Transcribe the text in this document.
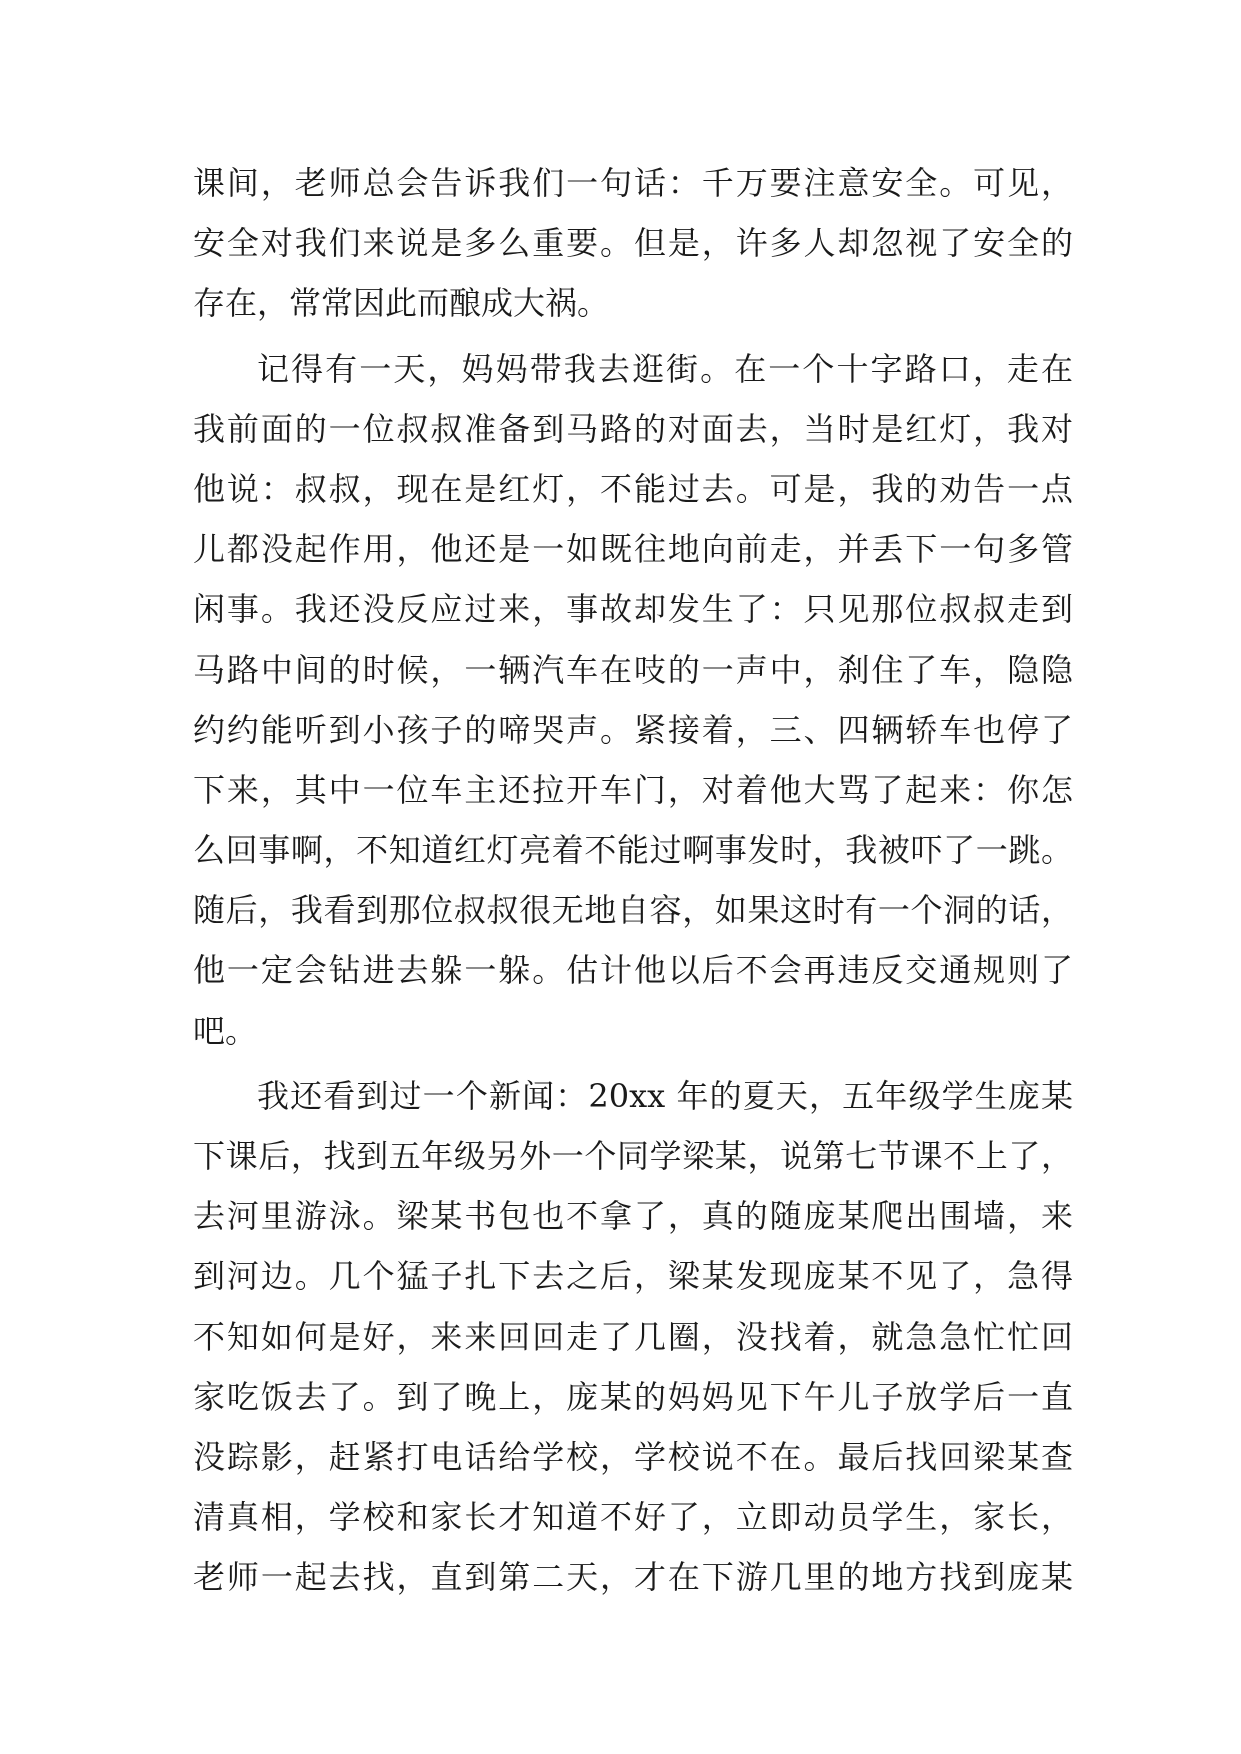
课间，老师总会告诉我们一句话：千万要注意安全。可见，
安全对我们来说是多么重要。但是，许多人却忽视了安全的
存在，常常因此而酿成大祸。
记得有一天，妈妈带我去逛街。在一个十字路口，走在
我前面的一位叔叔准备到马路的对面去，当时是红灯，我对
他说：叔叔，现在是红灯，不能过去。可是，我的劝告一点
儿都没起作用，他还是一如既往地向前走，并丢下一句多管
闲事。我还没反应过来，事故却发生了：只见那位叔叔走到
马路中间的时候，一辆汽车在吱的一声中，刹住了车，隐隐
约约能听到小孩子的啼哭声。紧接着，三、四辆轿车也停了
下来，其中一位车主还拉开车门，对着他大骂了起来：你怎
么回事啊，不知道红灯亮着不能过啊事发时，我被吓了一跳。
随后，我看到那位叔叔很无地自容，如果这时有一个洞的话，
他一定会钻进去躲一躲。估计他以后不会再违反交通规则了
吧。
我还看到过一个新闻：20xx 年的夏天，五年级学生庞某
下课后，找到五年级另外一个同学梁某，说第七节课不上了，
去河里游泳。梁某书包也不拿了，真的随庞某爬出围墙，来
到河边。几个猛子扎下去之后，梁某发现庞某不见了，急得
不知如何是好，来来回回走了几圈，没找着，就急急忙忙回
家吃饭去了。到了晚上，庞某的妈妈见下午儿子放学后一直
没踪影，赶紧打电话给学校，学校说不在。最后找回梁某查
清真相，学校和家长才知道不好了，立即动员学生，家长，
老师一起去找，直到第二天，才在下游几里的地方找到庞某
